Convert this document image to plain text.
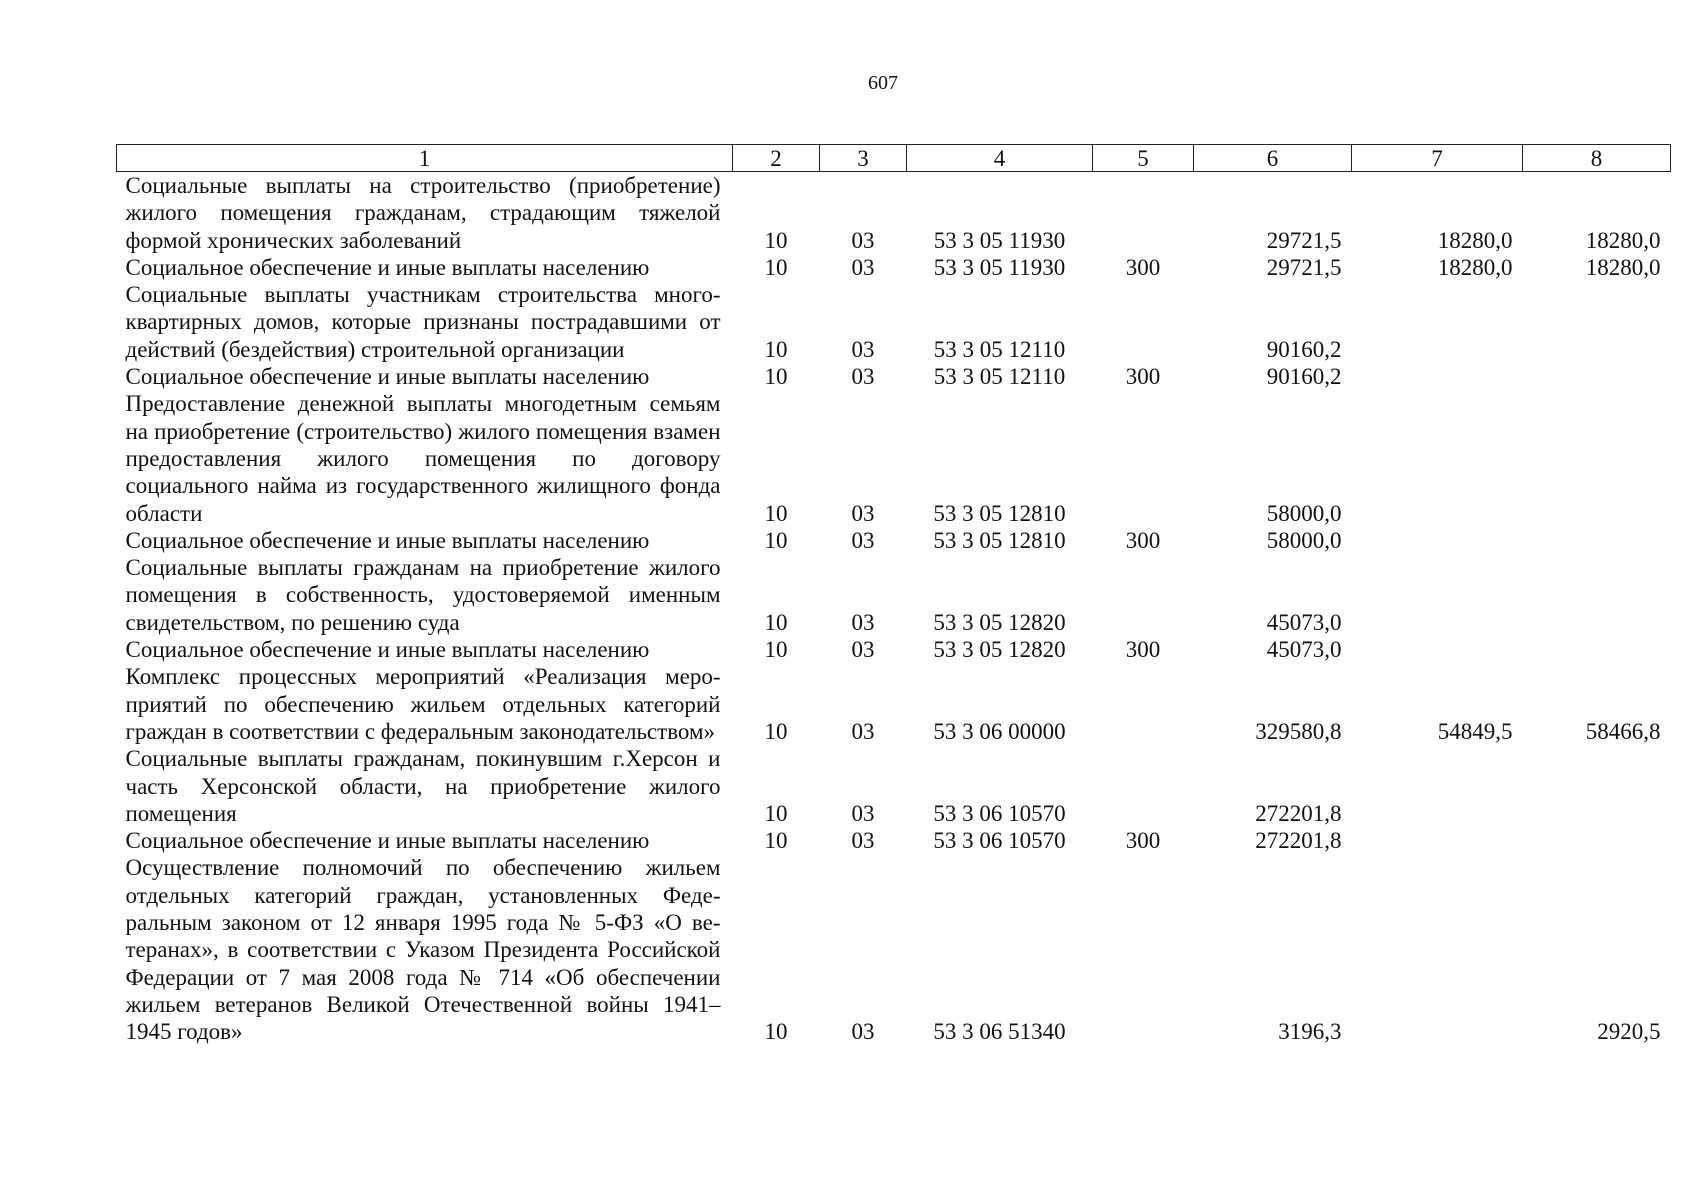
607
1	2	3	4	5	6	7	8
Социальные выплаты на строительство (приобретение) жилого помещения гражданам, страдающим тяжелой формой хронических заболеваний	10	03	53 3 05 11930		29721,5	18280,0	18280,0
Социальное обеспечение и иные выплаты населению	10	03	53 3 05 11930	300	29721,5	18280,0	18280,0
Социальные выплаты участникам строительства многоквартирных домов, которые признаны пострадавшими от действий (бездействия) строительной организации	10	03	53 3 05 12110		90160,2		
Социальное обеспечение и иные выплаты населению	10	03	53 3 05 12110	300	90160,2		
Предоставление денежной выплаты многодетным семьям на приобретение (строительство) жилого помещения взамен предоставления жилого помещения по договору социального найма из государственного жилищного фонда области	10	03	53 3 05 12810		58000,0		
Социальное обеспечение и иные выплаты населению	10	03	53 3 05 12810	300	58000,0		
Социальные выплаты гражданам на приобретение жилого помещения в собственность, удостоверяемой именным свидетельством, по решению суда	10	03	53 3 05 12820		45073,0		
Социальное обеспечение и иные выплаты населению	10	03	53 3 05 12820	300	45073,0		
Комплекс процессных мероприятий «Реализация мероприятий по обеспечению жильем отдельных категорий граждан в соответствии с федеральным законодательством»	10	03	53 3 06 00000		329580,8	54849,5	58466,8
Социальные выплаты гражданам, покинувшим г.Херсон и часть Херсонской области, на приобретение жилого помещения	10	03	53 3 06 10570		272201,8		
Социальное обеспечение и иные выплаты населению	10	03	53 3 06 10570	300	272201,8		
Осуществление полномочий по обеспечению жильем отдельных категорий граждан, установленных Федеральным законом от 12 января 1995 года № 5-ФЗ «О ветеранах», в соответствии с Указом Президента Российской Федерации от 7 мая 2008 года № 714 «Об обеспечении жильем ветеранов Великой Отечественной войны 1941–1945 годов»	10	03	53 3 06 51340		3196,3		2920,5
